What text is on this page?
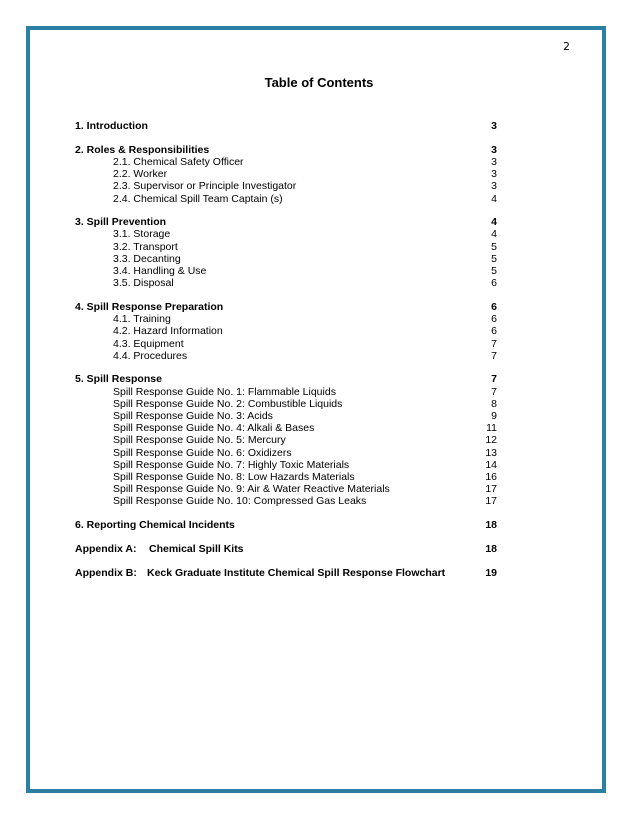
2
Table of Contents
1. Introduction	3
2. Roles & Responsibilities	3
2.1. Chemical Safety Officer	3
2.2. Worker	3
2.3. Supervisor or Principle Investigator	3
2.4. Chemical Spill Team Captain (s)	4
3. Spill Prevention	4
3.1. Storage	4
3.2. Transport	5
3.3. Decanting	5
3.4. Handling & Use	5
3.5. Disposal	6
4. Spill Response Preparation	6
4.1. Training	6
4.2. Hazard Information	6
4.3. Equipment	7
4.4. Procedures	7
5. Spill Response	7
Spill Response Guide No. 1: Flammable Liquids	7
Spill Response Guide No. 2: Combustible Liquids	8
Spill Response Guide No. 3: Acids	9
Spill Response Guide No. 4: Alkali & Bases	11
Spill Response Guide No. 5: Mercury	12
Spill Response Guide No. 6: Oxidizers	13
Spill Response Guide No. 7: Highly Toxic Materials	14
Spill Response Guide No. 8: Low Hazards Materials	16
Spill Response Guide No. 9: Air & Water Reactive Materials	17
Spill Response Guide No. 10: Compressed Gas Leaks	17
6. Reporting Chemical Incidents	18
Appendix A: Chemical Spill Kits	18
Appendix B: Keck Graduate Institute Chemical Spill Response Flowchart	19
